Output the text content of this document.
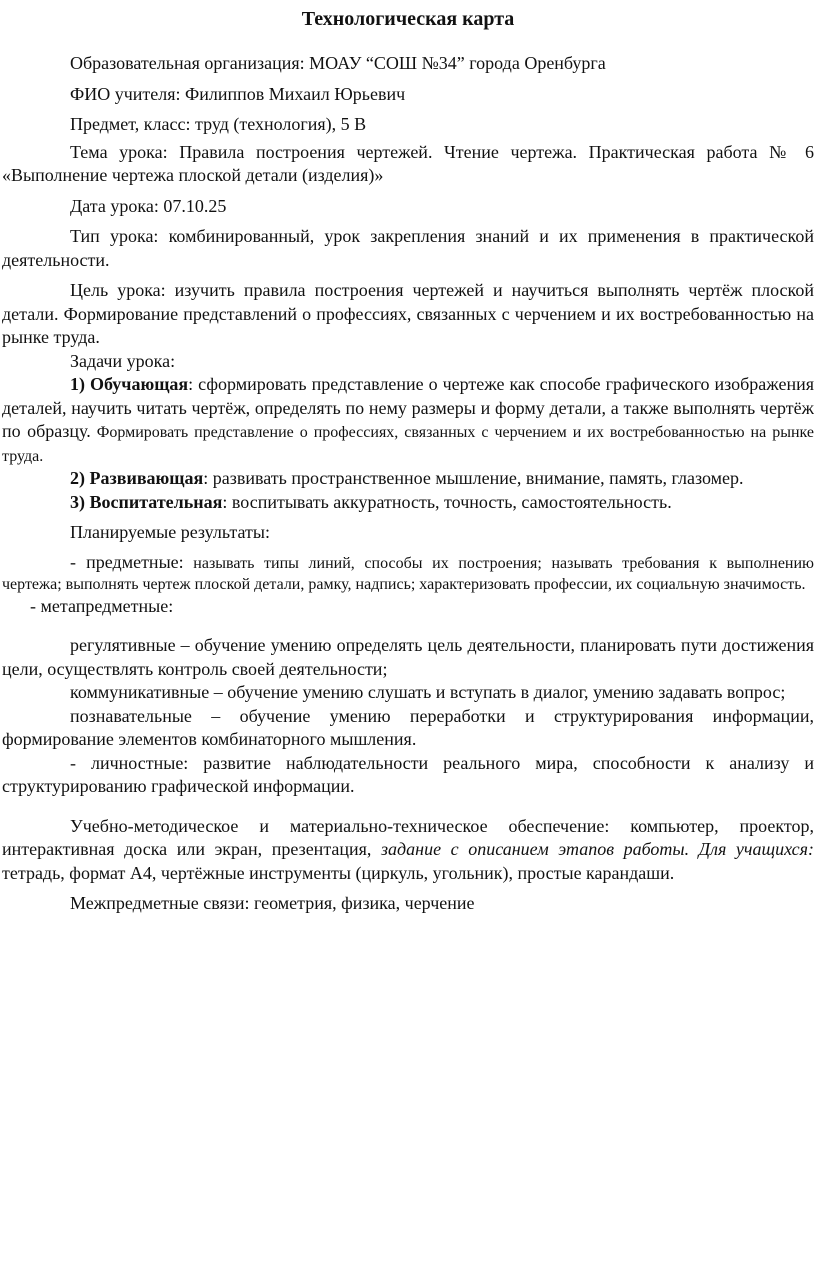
Технологическая карта

Образовательная организация: МОАУ “СОШ №34” города Оренбурга

ФИО учителя: Филиппов Михаил Юрьевич

Предмет, класс: труд (технология), 5 В

Тема урока: Правила построения чертежей. Чтение чертежа. Практическая работа № 6 «Выполнение чертежа плоской детали (изделия)»

Дата урока: 07.10.25

Тип урока: комбинированный, урок закрепления знаний и их применения в практической деятельности.

Цель урока: изучить правила построения чертежей и научиться выполнять чертёж плоской детали. Формирование представлений о профессиях, связанных с черчением и их востребованностью на рынке труда.

Задачи урока:

1) Обучающая: сформировать представление о чертеже как способе графического изображения деталей, научить читать чертёж, определять по нему размеры и форму детали, а также выполнять чертёж по образцу. Формировать представление о профессиях, связанных с черчением и их востребованностью на рынке труда.

2) Развивающая: развивать пространственное мышление, внимание, память, глазомер.

3) Воспитательная: воспитывать аккуратность, точность, самостоятельность.

Планируемые результаты:

- предметные: называть типы линий, способы их построения; называть требования к выполнению чертежа; выполнять чертеж плоской детали, рамку, надпись; характеризовать профессии, их социальную значимость.

- метапредметные:

регулятивные – обучение умению определять цель деятельности, планировать пути достижения цели, осуществлять контроль своей деятельности;

коммуникативные – обучение умению слушать и вступать в диалог, умению задавать вопрос;

познавательные – обучение умению переработки и структурирования информации, формирование элементов комбинаторного мышления.

- личностные: развитие наблюдательности реального мира, способности к анализу и структурированию графической информации.

Учебно-методическое и материально-техническое обеспечение: компьютер, проектор, интерактивная доска или экран, презентация, задание с описанием этапов работы. Для учащихся: тетрадь, формат А4, чертёжные инструменты (циркуль, угольник), простые карандаши.

Межпредметные связи: геометрия, физика, черчение
